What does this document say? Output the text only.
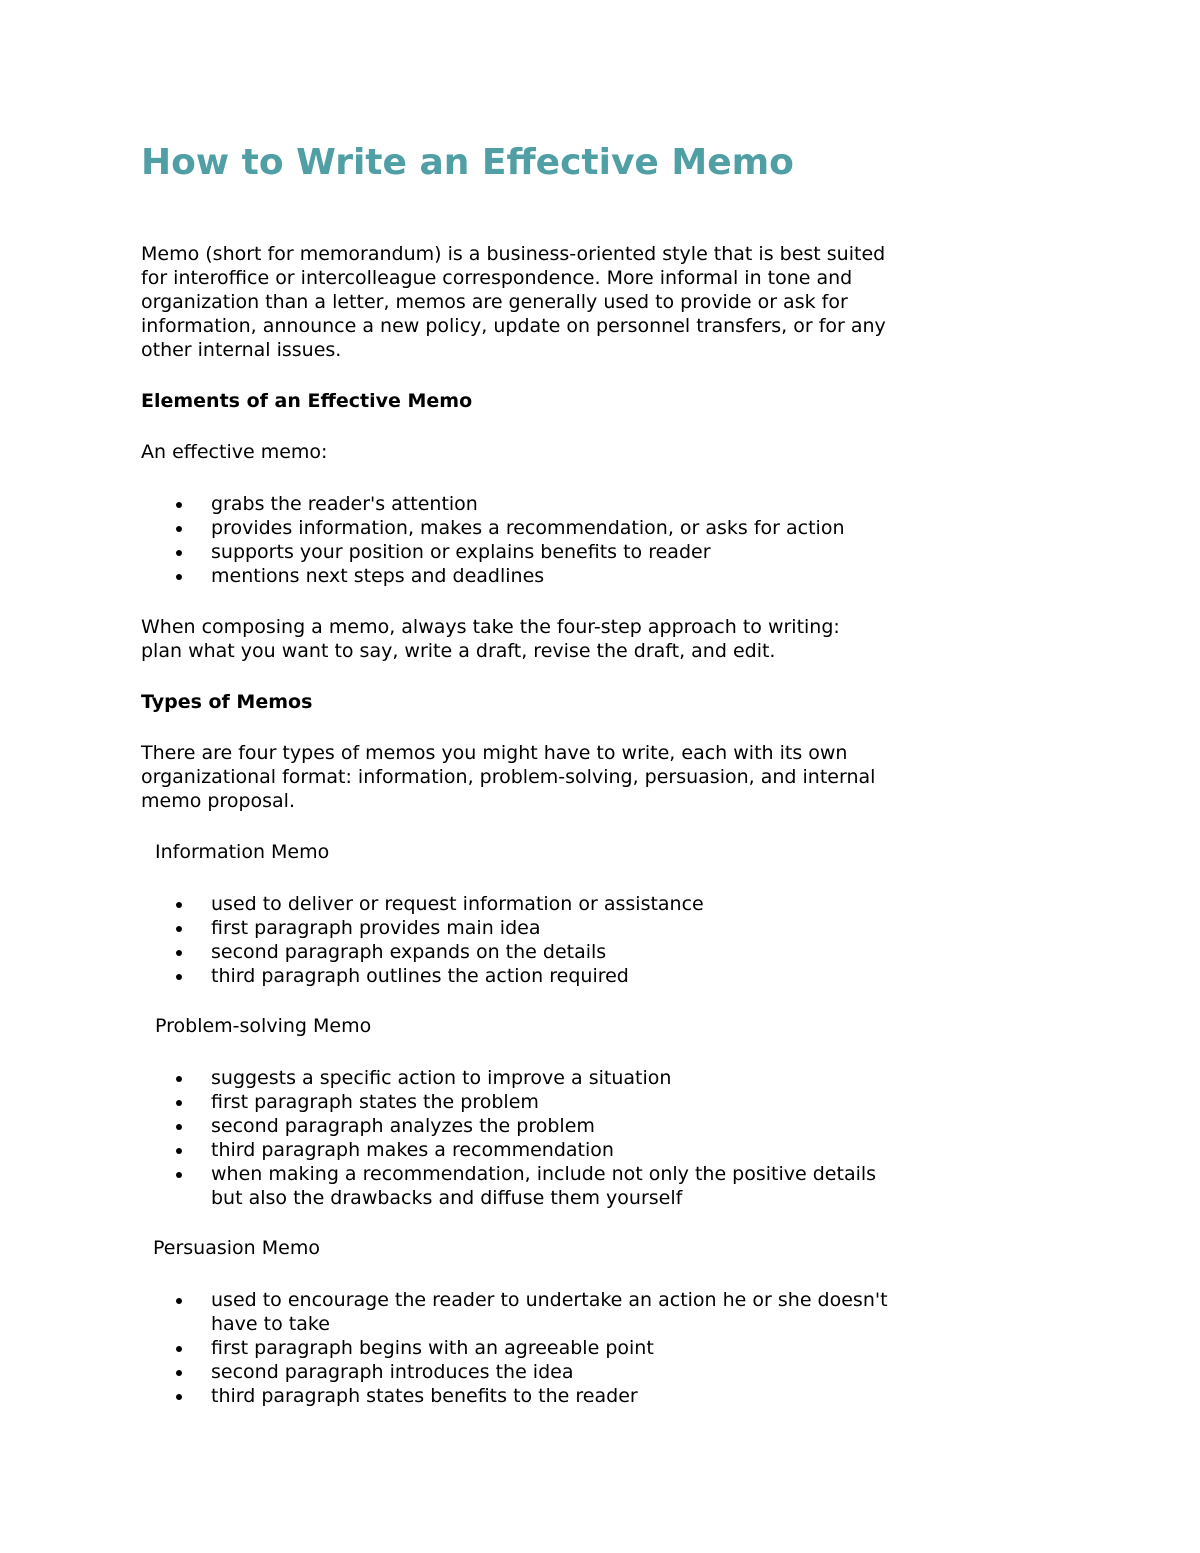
How to Write an Effective Memo
Memo (short for memorandum) is a business-oriented style that is best suited
for interoffice or intercolleague correspondence. More informal in tone and
organization than a letter, memos are generally used to provide or ask for
information, announce a new policy, update on personnel transfers, or for any
other internal issues.
Elements of an Effective Memo
An effective memo:
grabs the reader's attention
provides information, makes a recommendation, or asks for action
supports your position or explains benefits to reader
mentions next steps and deadlines
When composing a memo, always take the four-step approach to writing:
plan what you want to say, write a draft, revise the draft, and edit.
Types of Memos
There are four types of memos you might have to write, each with its own
organizational format: information, problem-solving, persuasion, and internal
memo proposal.
Information Memo
used to deliver or request information or assistance
first paragraph provides main idea
second paragraph expands on the details
third paragraph outlines the action required
Problem-solving Memo
suggests a specific action to improve a situation
first paragraph states the problem
second paragraph analyzes the problem
third paragraph makes a recommendation
when making a recommendation, include not only the positive details
but also the drawbacks and diffuse them yourself
Persuasion Memo
used to encourage the reader to undertake an action he or she doesn't
have to take
first paragraph begins with an agreeable point
second paragraph introduces the idea
third paragraph states benefits to the reader
